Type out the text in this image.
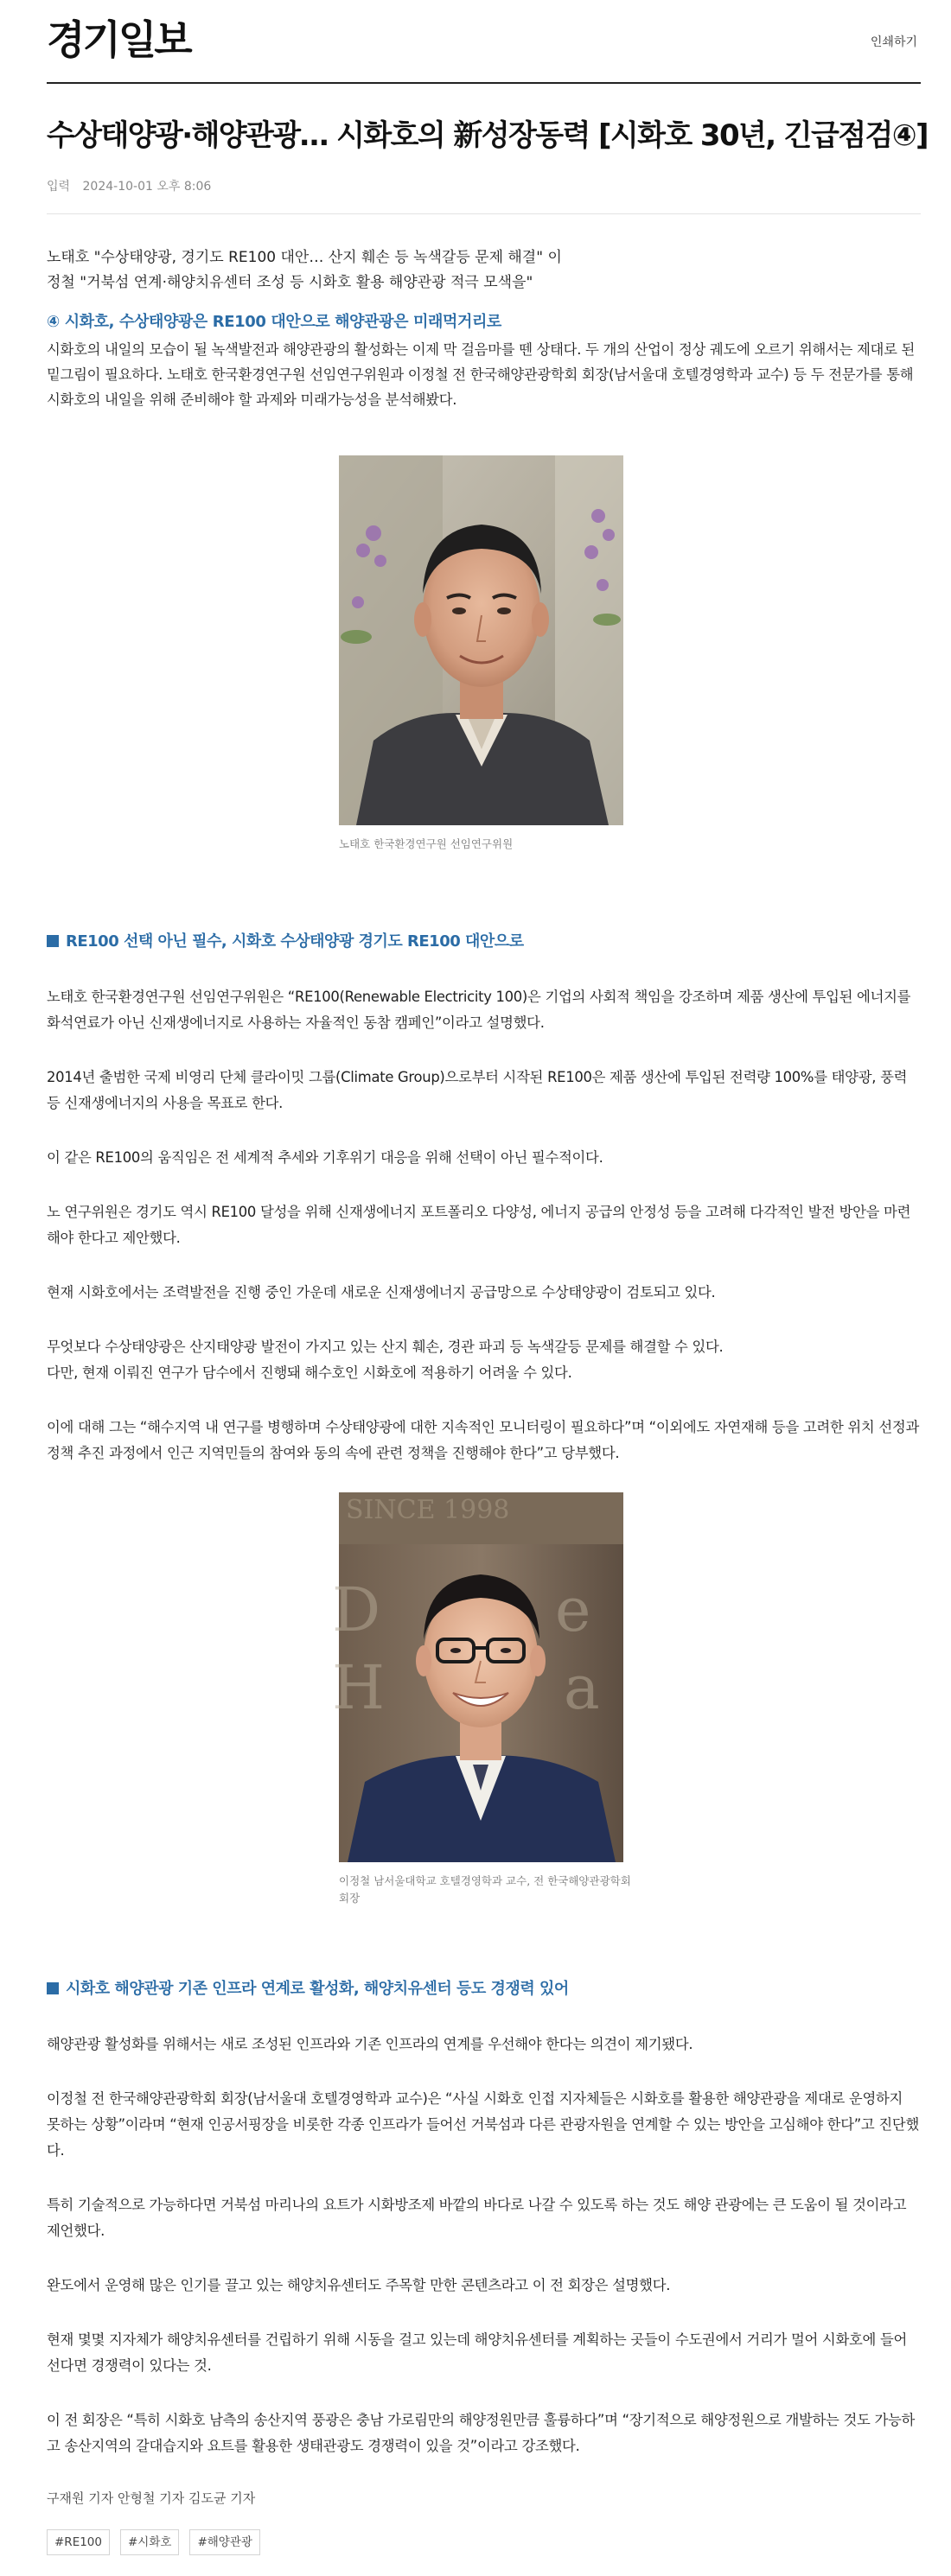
경기일보	인쇄하기
수상태양광·해양관광… 시화호의 新성장동력 [시화호 30년, 긴급점검④]
입력 2024-10-01 오후 8:06

노태호 "수상태양광, 경기도 RE100 대안… 산지 훼손 등 녹색갈등 문제 해결" 이

정철 "거북섬 연계·해양치유센터 조성 등 시화호 활용 해양관광 적극 모색을"

④ 시화호, 수상태양광은 RE100 대안으로 해양관광은 미래먹거리로

시화호의 내일의 모습이 될 녹색발전과 해양관광의 활성화는 이제 막 걸음마를 뗀 상태다. 두 개의 산업이 정상 궤도에 오르기 위해서는 제대로 된 밑그림이 필요하다. 노태호 한국환경연구원 선임연구위원과 이정철 전 한국해양관광학회 회장(남서울대 호텔경영학과 교수) 등 두 전문가를 통해 시화호의 내일을 위해 준비해야 할 과제와 미래가능성을 분석해봤다.

노태호 한국환경연구원 선임연구위원
RE100 선택 아닌 필수, 시화호 수상태양광 경기도 RE100 대안으로

노태호 한국환경연구원 선임연구위원은 “RE100(Renewable Electricity 100)은 기업의 사회적 책임을 강조하며 제품 생산에 투입된 에너지를 화석연료가 아닌 신재생에너지로 사용하는 자율적인 동참 캠페인”이라고 설명했다.

2014년 출범한 국제 비영리 단체 클라이밋 그룹(Climate Group)으로부터 시작된 RE100은 제품 생산에 투입된 전력량 100%를 태양광, 풍력 등 신재생에너지의 사용을 목표로 한다.

이 같은 RE100의 움직임은 전 세계적 추세와 기후위기 대응을 위해 선택이 아닌 필수적이다.

노 연구위원은 경기도 역시 RE100 달성을 위해 신재생에너지 포트폴리오 다양성, 에너지 공급의 안정성 등을 고려해 다각적인 발전 방안을 마련해야 한다고 제안했다.

현재 시화호에서는 조력발전을 진행 중인 가운데 새로운 신재생에너지 공급망으로 수상태양광이 검토되고 있다.

무엇보다 수상태양광은 산지태양광 발전이 가지고 있는 산지 훼손, 경관 파괴 등 녹색갈등 문제를 해결할 수 있다.

다만, 현재 이뤄진 연구가 담수에서 진행돼 해수호인 시화호에 적용하기 어려울 수 있다.

이에 대해 그는 “해수지역 내 연구를 병행하며 수상태양광에 대한 지속적인 모니터링이 필요하다”며 “이외에도 자연재해 등을 고려한 위치 선정과 정책 추진 과정에서 인근 지역민들의 참여와 동의 속에 관련 정책을 진행해야 한다”고 당부했다.

SINCE 1998
D	e
H	a
이정철 남서울대학교 호텔경영학과 교수, 전 한국해양관광학회 회장
시화호 해양관광 기존 인프라 연계로 활성화, 해양치유센터 등도 경쟁력 있어

해양관광 활성화를 위해서는 새로 조성된 인프라와 기존 인프라의 연계를 우선해야 한다는 의견이 제기됐다.

이정철 전 한국해양관광학회 회장(남서울대 호텔경영학과 교수)은 “사실 시화호 인접 지자체들은 시화호를 활용한 해양관광을 제대로 운영하지 못하는 상황”이라며 “현재 인공서핑장을 비롯한 각종 인프라가 들어선 거북섬과 다른 관광자원을 연계할 수 있는 방안을 고심해야 한다”고 진단했다.

특히 기술적으로 가능하다면 거북섬 마리나의 요트가 시화방조제 바깥의 바다로 나갈 수 있도록 하는 것도 해양 관광에는 큰 도움이 될 것이라고 제언했다.

완도에서 운영해 많은 인기를 끌고 있는 해양치유센터도 주목할 만한 콘텐츠라고 이 전 회장은 설명했다.

현재 몇몇 지자체가 해양치유센터를 건립하기 위해 시동을 걸고 있는데 해양치유센터를 계획하는 곳들이 수도권에서 거리가 멀어 시화호에 들어선다면 경쟁력이 있다는 것.

이 전 회장은 “특히 시화호 남측의 송산지역 풍광은 충남 가로림만의 해양정원만큼 훌륭하다”며 “장기적으로 해양정원으로 개발하는 것도 가능하고 송산지역의 갈대습지와 요트를 활용한 생태관광도 경쟁력이 있을 것”이라고 강조했다.

구재원 기자 안형철 기자 김도균 기자

#RE100	#시화호	#해양관광
